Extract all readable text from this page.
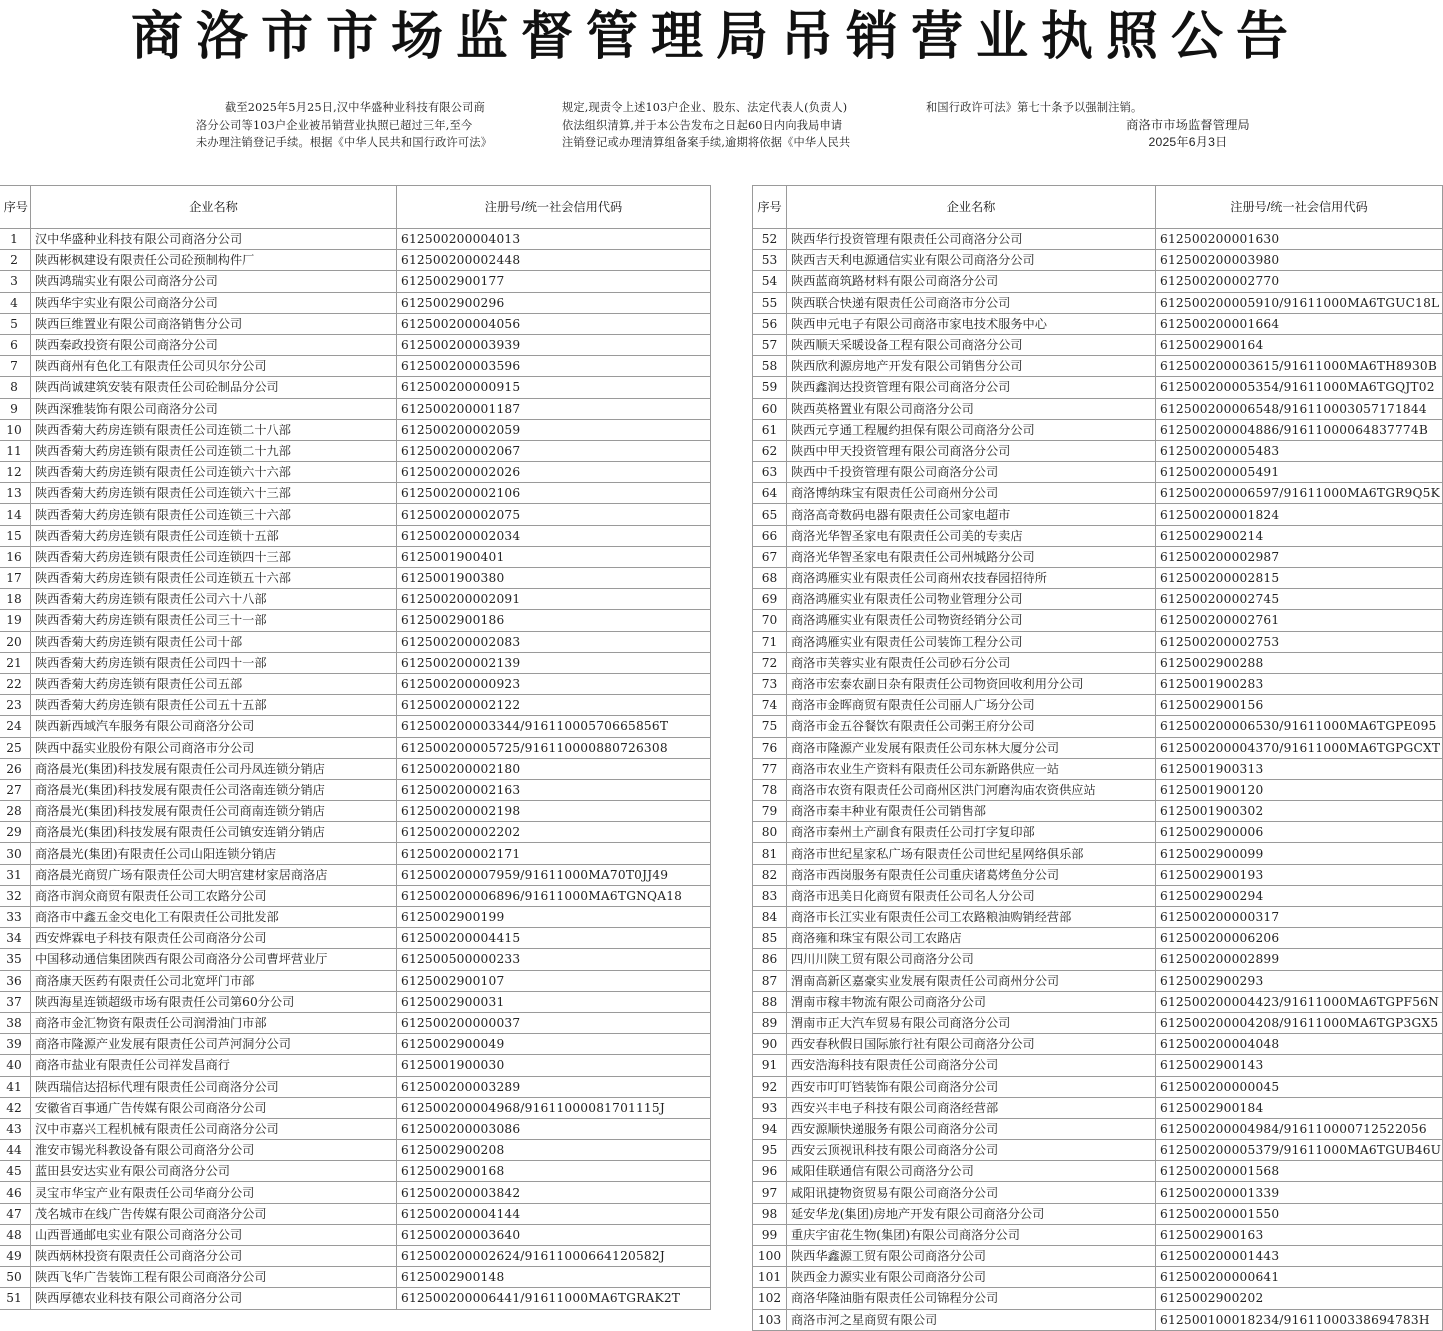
商洛市市场监督管理局吊销营业执照公告
截至2025年5月25日,汉中华盛种业科技有限公司商
洛分公司等103户企业被吊销营业执照已超过三年,至今
未办理注销登记手续。根据《中华人民共和国行政许可法》
规定,现责令上述103户企业、股东、法定代表人(负责人)
依法组织清算,并于本公告发布之日起60日内向我局申请
注销登记或办理清算组备案手续,逾期将依据《中华人民共
和国行政许可法》第七十条予以强制注销。
商洛市市场监督管理局
2025年6月3日
序号	企业名称	注册号/统一社会信用代码
1	汉中华盛种业科技有限公司商洛分公司	612500200004013
2	陕西彬枫建设有限责任公司砼预制构件厂	612500200002448
3	陕西鸿瑞实业有限公司商洛分公司	6125002900177
4	陕西华宇实业有限公司商洛分公司	6125002900296
5	陕西巨维置业有限公司商洛销售分公司	612500200004056
6	陕西秦政投资有限公司商洛分公司	612500200003939
7	陕西商州有色化工有限责任公司贝尔分公司	612500200003596
8	陕西尚诚建筑安装有限责任公司砼制品分公司	612500200000915
9	陕西深雅装饰有限公司商洛分公司	612500200001187
10	陕西香菊大药房连锁有限责任公司连锁二十八部	612500200002059
11	陕西香菊大药房连锁有限责任公司连锁二十九部	612500200002067
12	陕西香菊大药房连锁有限责任公司连锁六十六部	612500200002026
13	陕西香菊大药房连锁有限责任公司连锁六十三部	612500200002106
14	陕西香菊大药房连锁有限责任公司连锁三十六部	612500200002075
15	陕西香菊大药房连锁有限责任公司连锁十五部	612500200002034
16	陕西香菊大药房连锁有限责任公司连锁四十三部	6125001900401
17	陕西香菊大药房连锁有限责任公司连锁五十六部	6125001900380
18	陕西香菊大药房连锁有限责任公司六十八部	612500200002091
19	陕西香菊大药房连锁有限责任公司三十一部	6125002900186
20	陕西香菊大药房连锁有限责任公司十部	612500200002083
21	陕西香菊大药房连锁有限责任公司四十一部	612500200002139
22	陕西香菊大药房连锁有限责任公司五部	612500200000923
23	陕西香菊大药房连锁有限责任公司五十五部	612500200002122
24	陕西新西域汽车服务有限公司商洛分公司	612500200003344/91611000570665856T
25	陕西中磊实业股份有限公司商洛市分公司	612500200005725/916110000880726308
26	商洛晨光(集团)科技发展有限责任公司丹凤连锁分销店	612500200002180
27	商洛晨光(集团)科技发展有限责任公司洛南连锁分销店	612500200002163
28	商洛晨光(集团)科技发展有限责任公司商南连锁分销店	612500200002198
29	商洛晨光(集团)科技发展有限责任公司镇安连销分销店	612500200002202
30	商洛晨光(集团)有限责任公司山阳连锁分销店	612500200002171
31	商洛晨光商贸广场有限责任公司大明宫建材家居商洛店	612500200007959/91611000MA70T0JJ49
32	商洛市润众商贸有限责任公司工农路分公司	612500200006896/91611000MA6TGNQA18
33	商洛市中鑫五金交电化工有限责任公司批发部	6125002900199
34	西安烨霖电子科技有限责任公司商洛分公司	612500200004415
35	中国移动通信集团陕西有限公司商洛分公司曹坪营业厅	612500500000233
36	商洛康天医药有限责任公司北宽坪门市部	6125002900107
37	陕西海星连锁超级市场有限责任公司第60分公司	6125002900031
38	商洛市金汇物资有限责任公司润滑油门市部	612500200000037
39	商洛市隆源产业发展有限责任公司芦河洞分公司	6125002900049
40	商洛市盐业有限责任公司祥发昌商行	6125001900030
41	陕西瑞信达招标代理有限责任公司商洛分公司	612500200003289
42	安徽省百事通广告传媒有限公司商洛分公司	612500200004968/91611000081701115J
43	汉中市嘉兴工程机械有限责任公司商洛分公司	612500200003086
44	淮安市锡光科教设备有限公司商洛分公司	6125002900208
45	蓝田县安达实业有限公司商洛分公司	6125002900168
46	灵宝市华宝产业有限责任公司华商分公司	612500200003842
47	茂名城市在线广告传媒有限公司商洛分公司	612500200004144
48	山西晋通邮电实业有限公司商洛分公司	612500200003640
49	陕西炳林投资有限责任公司商洛分公司	612500200002624/91611000664120582J
50	陕西飞华广告装饰工程有限公司商洛分公司	6125002900148
51	陕西厚德农业科技有限公司商洛分公司	612500200006441/91611000MA6TGRAK2T
序号	企业名称	注册号/统一社会信用代码
52	陕西华行投资管理有限责任公司商洛分公司	612500200001630
53	陕西吉天利电源通信实业有限公司商洛分公司	612500200003980
54	陕西蓝商筑路材料有限公司商洛分公司	612500200002770
55	陕西联合快递有限责任公司商洛市分公司	612500200005910/91611000MA6TGUC18L
56	陕西申元电子有限公司商洛市家电技术服务中心	612500200001664
57	陕西顺天采暖设备工程有限公司商洛分公司	6125002900164
58	陕西欣利源房地产开发有限公司销售分公司	612500200003615/91611000MA6TH8930B
59	陕西鑫润达投资管理有限公司商洛分公司	612500200005354/91611000MA6TGQJT02
60	陕西英格置业有限公司商洛分公司	612500200006548/916110003057171844
61	陕西元亨通工程履约担保有限公司商洛分公司	612500200004886/91611000064837774B
62	陕西中甲天投资管理有限公司商洛分公司	612500200005483
63	陕西中千投资管理有限公司商洛分公司	612500200005491
64	商洛博纳珠宝有限责任公司商州分公司	612500200006597/91611000MA6TGR9Q5K
65	商洛高奇数码电器有限责任公司家电超市	612500200001824
66	商洛光华智圣家电有限责任公司美的专卖店	6125002900214
67	商洛光华智圣家电有限责任公司州城路分公司	612500200002987
68	商洛鸿雁实业有限责任公司商州农技春园招待所	612500200002815
69	商洛鸿雁实业有限责任公司物业管理分公司	612500200002745
70	商洛鸿雁实业有限责任公司物资经销分公司	612500200002761
71	商洛鸿雁实业有限责任公司装饰工程分公司	612500200002753
72	商洛市芙蓉实业有限责任公司砂石分公司	6125002900288
73	商洛市宏泰农副日杂有限责任公司物资回收利用分公司	6125001900283
74	商洛市金晖商贸有限责任公司丽人广场分公司	6125002900156
75	商洛市金五谷餐饮有限责任公司粥王府分公司	612500200006530/91611000MA6TGPE095
76	商洛市隆源产业发展有限责任公司东林大厦分公司	612500200004370/91611000MA6TGPGCXT
77	商洛市农业生产资料有限责任公司东新路供应一站	6125001900313
78	商洛市农资有限责任公司商州区洪门河磨沟庙农资供应站	6125001900120
79	商洛市秦丰种业有限责任公司销售部	6125001900302
80	商洛市秦州土产副食有限责任公司打字复印部	6125002900006
81	商洛市世纪星家私广场有限责任公司世纪星网络俱乐部	6125002900099
82	商洛市西岗服务有限责任公司重庆诸葛烤鱼分公司	6125002900193
83	商洛市迅美日化商贸有限责任公司名人分公司	6125002900294
84	商洛市长江实业有限责任公司工农路粮油购销经营部	612500200000317
85	商洛雍和珠宝有限公司工农路店	612500200006206
86	四川川陕工贸有限公司商洛分公司	612500200002899
87	渭南高新区嘉豪实业发展有限责任公司商州分公司	6125002900293
88	渭南市稼丰物流有限公司商洛分公司	612500200004423/91611000MA6TGPF56N
89	渭南市正大汽车贸易有限公司商洛分公司	612500200004208/91611000MA6TGP3GX5
90	西安春秋假日国际旅行社有限公司商洛分公司	612500200004048
91	西安浩海科技有限责任公司商洛分公司	6125002900143
92	西安市叮叮铛装饰有限公司商洛分公司	612500200000045
93	西安兴丰电子科技有限公司商洛经营部	6125002900184
94	西安源顺快递服务有限公司商洛分公司	612500200004984/916110000712522056
95	西安云顶视讯科技有限公司商洛分公司	612500200005379/91611000MA6TGUB46U
96	咸阳佳联通信有限公司商洛分公司	612500200001568
97	咸阳讯捷物资贸易有限公司商洛分公司	612500200001339
98	延安华龙(集团)房地产开发有限公司商洛分公司	612500200001550
99	重庆宇宙花生物(集团)有限公司商洛分公司	6125002900163
100	陕西华鑫源工贸有限公司商洛分公司	612500200001443
101	陕西金力源实业有限公司商洛分公司	612500200000641
102	商洛华隆油脂有限责任公司锦程分公司	6125002900202
103	商洛市河之星商贸有限公司	612500100018234/91611000338694783H
